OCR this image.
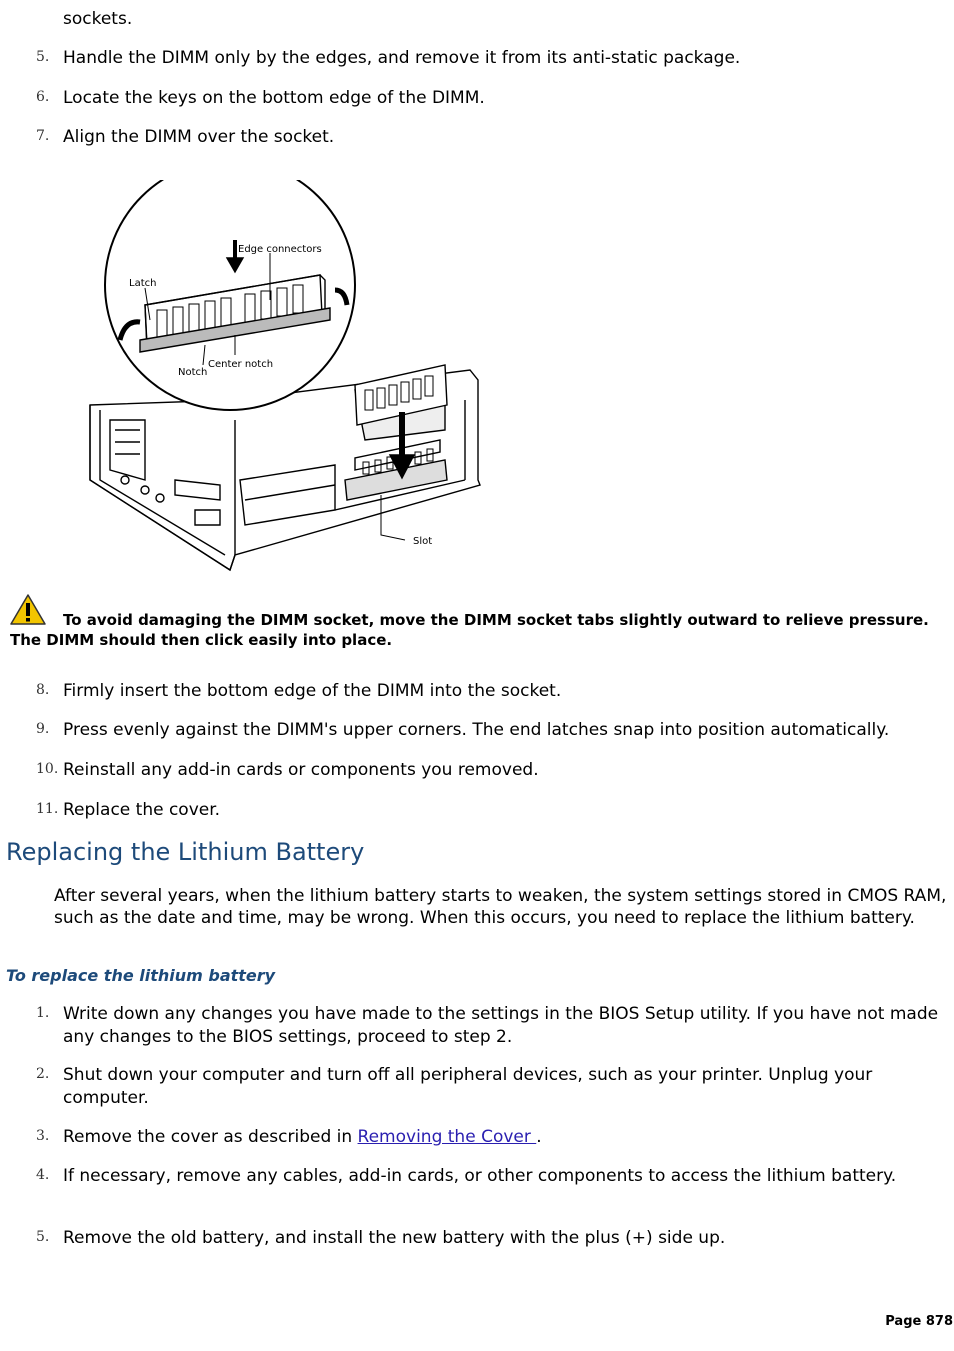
sockets.
5. Handle the DIMM only by the edges, and remove it from its anti-static package.
6. Locate the keys on the bottom edge of the DIMM.
7. Align the DIMM over the socket.
Edge connectors
Latch
Center notch
Notch
Slot
To avoid damaging the DIMM socket, move the DIMM socket tabs slightly outward to relieve pressure. The DIMM should then click easily into place.
8. Firmly insert the bottom edge of the DIMM into the socket.
9. Press evenly against the DIMM's upper corners. The end latches snap into position automatically.
10. Reinstall any add-in cards or components you removed.
11. Replace the cover.
Replacing the Lithium Battery
After several years, when the lithium battery starts to weaken, the system settings stored in CMOS RAM, such as the date and time, may be wrong. When this occurs, you need to replace the lithium battery.
To replace the lithium battery
1. Write down any changes you have made to the settings in the BIOS Setup utility. If you have not made any changes to the BIOS settings, proceed to step 2.
2. Shut down your computer and turn off all peripheral devices, such as your printer. Unplug your computer.
3. Remove the cover as described in Removing the Cover .
4. If necessary, remove any cables, add-in cards, or other components to access the lithium battery.
5. Remove the old battery, and install the new battery with the plus (+) side up.
Page 878
